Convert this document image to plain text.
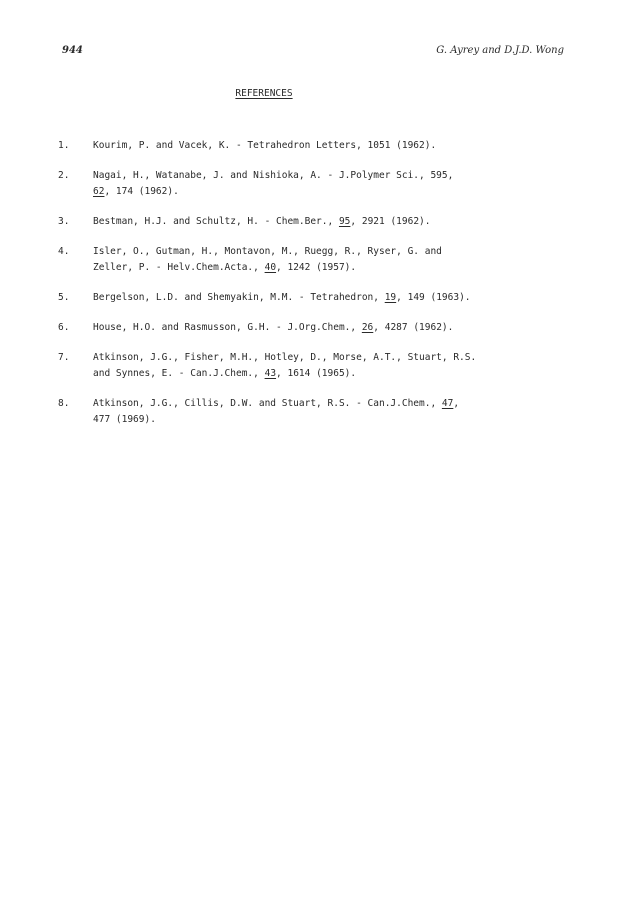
944	G. Ayrey and D.J.D. Wong
REFERENCES
1. Kourim, P. and Vacek, K. - Tetrahedron Letters, 1051 (1962).
2. Nagai, H., Watanabe, J. and Nishioka, A. - J.Polymer Sci., 595,
62, 174 (1962).
3. Bestman, H.J. and Schultz, H. - Chem.Ber., 95, 2921 (1962).
4. Isler, O., Gutman, H., Montavon, M., Ruegg, R., Ryser, G. and
Zeller, P. - Helv.Chem.Acta., 40, 1242 (1957).
5. Bergelson, L.D. and Shemyakin, M.M. - Tetrahedron, 19, 149 (1963).
6. House, H.O. and Rasmusson, G.H. - J.Org.Chem., 26, 4287 (1962).
7. Atkinson, J.G., Fisher, M.H., Hotley, D., Morse, A.T., Stuart, R.S.
and Synnes, E. - Can.J.Chem., 43, 1614 (1965).
8. Atkinson, J.G., Cillis, D.W. and Stuart, R.S. - Can.J.Chem., 47,
477 (1969).
